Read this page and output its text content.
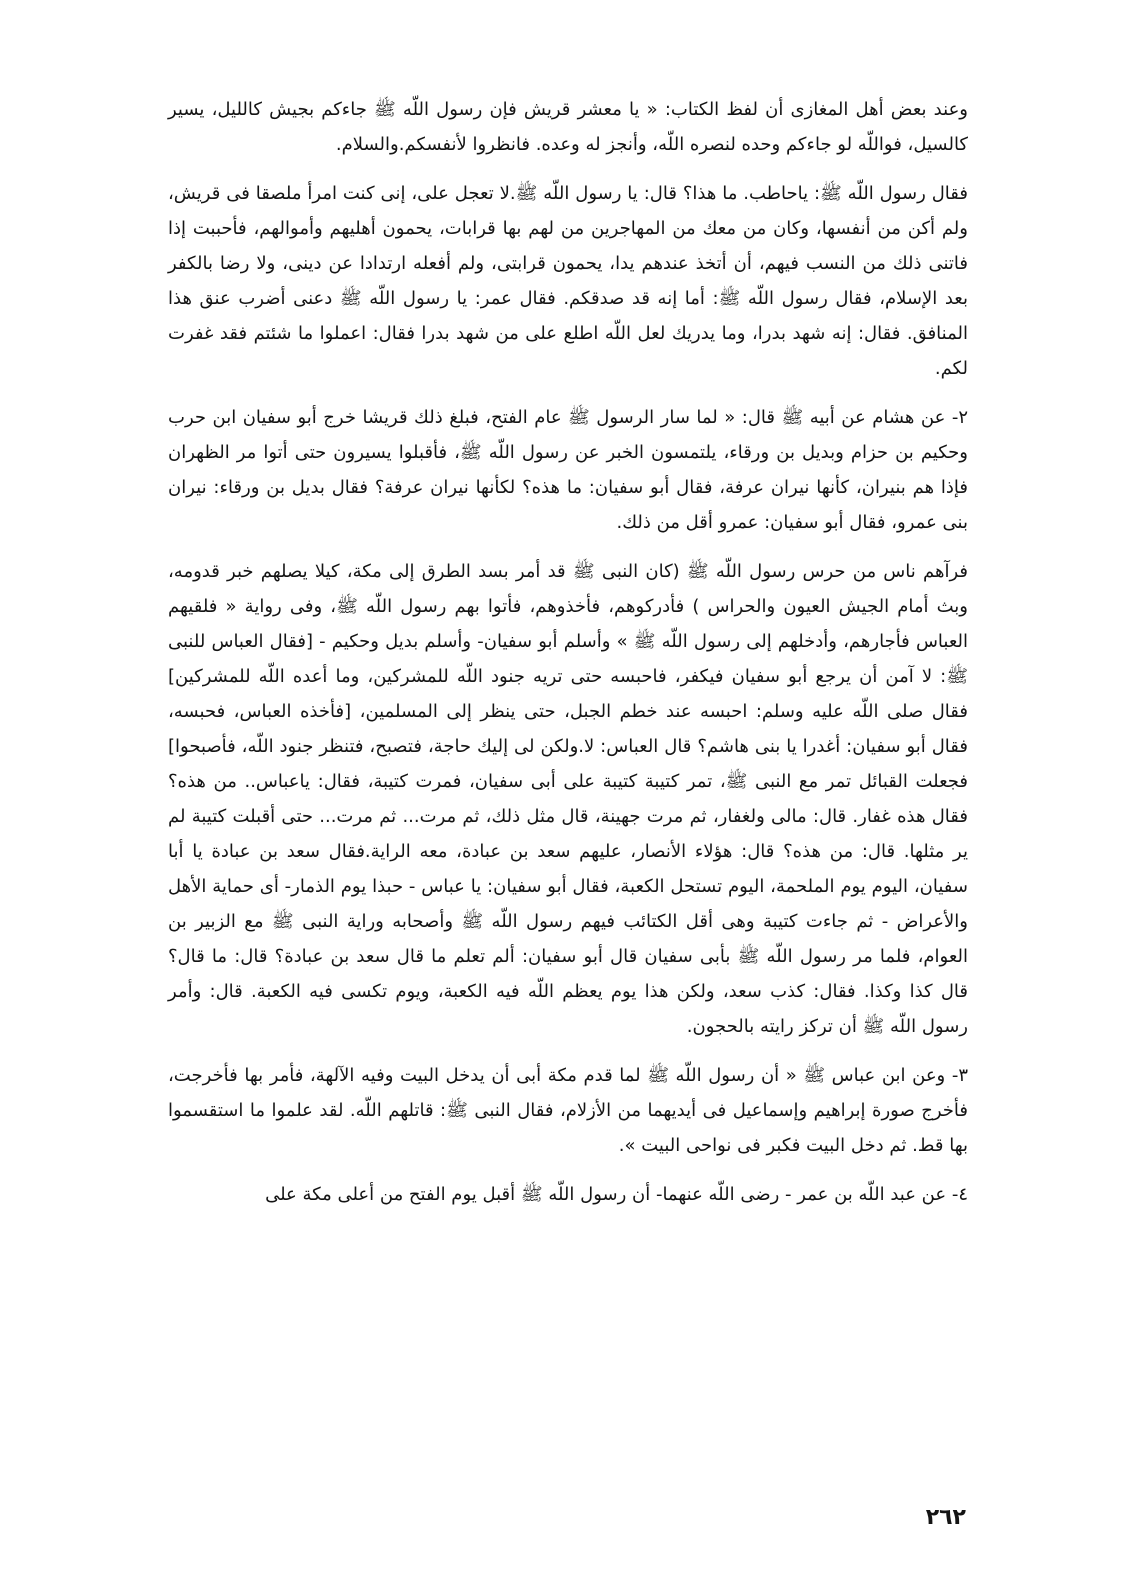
وعند بعض أهل المغازى أن لفظ الكتاب: « يا معشر قريش فإن رسول اللّه ﷺ جاءكم بجيش كالليل، يسير كالسيل، فواللّه لو جاءكم وحده لنصره اللّه، وأنجز له وعده. فانظروا لأنفسكم.والسلام.

فقال رسول اللّه ﷺ: ياحاطب. ما هذا؟ قال: يا رسول اللّه ﷺ.لا تعجل على، إنى كنت امرأ ملصقا فى قريش، ولم أكن من أنفسها، وكان من معك من المهاجرين من لهم بها قرابات، يحمون أهليهم وأموالهم، فأحببت إذا فاتنى ذلك من النسب فيهم، أن أتخذ عندهم يدا، يحمون قرابتى، ولم أفعله ارتدادا عن دينى، ولا رضا بالكفر بعد الإسلام، فقال رسول اللّه ﷺ: أما إنه قد صدقكم. فقال عمر: يا رسول اللّه ﷺ دعنى أضرب عنق هذا المنافق. فقال: إنه شهد بدرا، وما يدريك لعل اللّه اطلع على من شهد بدرا فقال: اعملوا ما شئتم فقد غفرت لكم.

٢- عن هشام عن أبيه ﷺ قال: « لما سار الرسول ﷺ عام الفتح، فبلغ ذلك قريشا خرج أبو سفيان ابن حرب وحكيم بن حزام وبديل بن ورقاء، يلتمسون الخبر عن رسول اللّه ﷺ، فأقبلوا يسيرون حتى أتوا مر الظهران فإذا هم بنيران، كأنها نيران عرفة، فقال أبو سفيان: ما هذه؟ لكأنها نيران عرفة؟ فقال بديل بن ورقاء: نيران بنى عمرو، فقال أبو سفيان: عمرو أقل من ذلك.

فرآهم ناس من حرس رسول اللّه ﷺ (كان النبى ﷺ قد أمر بسد الطرق إلى مكة، كيلا يصلهم خبر قدومه، وبث أمام الجيش العيون والحراس ) فأدركوهم، فأخذوهم، فأتوا بهم رسول اللّه ﷺ، وفى رواية « فلقيهم العباس فأجارهم، وأدخلهم إلى رسول اللّه ﷺ » وأسلم أبو سفيان- وأسلم بديل وحكيم - [فقال العباس للنبى ﷺ: لا آمن أن يرجع أبو سفيان فيكفر، فاحبسه حتى تريه جنود اللّه للمشركين، وما أعده اللّه للمشركين] فقال صلى اللّه عليه وسلم: احبسه عند خطم الجبل، حتى ينظر إلى المسلمين، [فأخذه العباس، فحبسه، فقال أبو سفيان: أغدرا يا بنى هاشم؟ قال العباس: لا.ولكن لى إليك حاجة، فتصبح، فتنظر جنود اللّه، فأصبحوا] فجعلت القبائل تمر مع النبى ﷺ، تمر كتيبة كتيبة على أبى سفيان، فمرت كتيبة، فقال: ياعباس.. من هذه؟ فقال هذه غفار. قال: مالى ولغفار، ثم مرت جهينة، قال مثل ذلك، ثم مرت... ثم مرت... حتى أقبلت كتيبة لم ير مثلها. قال: من هذه؟ قال: هؤلاء الأنصار، عليهم سعد بن عبادة، معه الراية.فقال سعد بن عبادة يا أبا سفيان، اليوم يوم الملحمة، اليوم تستحل الكعبة، فقال أبو سفيان: يا عباس - حبذا يوم الذمار- أى حماية الأهل والأعراض - ثم جاءت كتيبة وهى أقل الكتائب فيهم رسول اللّه ﷺ وأصحابه وراية النبى ﷺ مع الزبير بن العوام، فلما مر رسول اللّه ﷺ بأبى سفيان قال أبو سفيان: ألم تعلم ما قال سعد بن عبادة؟ قال: ما قال؟ قال كذا وكذا. فقال: كذب سعد، ولكن هذا يوم يعظم اللّه فيه الكعبة، ويوم تكسى فيه الكعبة. قال: وأمر رسول اللّه ﷺ أن تركز رايته بالحجون.

٣- وعن ابن عباس ﷺ « أن رسول اللّه ﷺ لما قدم مكة أبى أن يدخل البيت وفيه الآلهة، فأمر بها فأخرجت، فأخرج صورة إبراهيم وإسماعيل فى أيديهما من الأزلام، فقال النبى ﷺ: قاتلهم اللّه. لقد علموا ما استقسموا بها قط. ثم دخل البيت فكبر فى نواحى البيت ».

٤- عن عبد اللّه بن عمر - رضى اللّه عنهما- أن رسول اللّه ﷺ أقبل يوم الفتح من أعلى مكة على

٢٦٢
